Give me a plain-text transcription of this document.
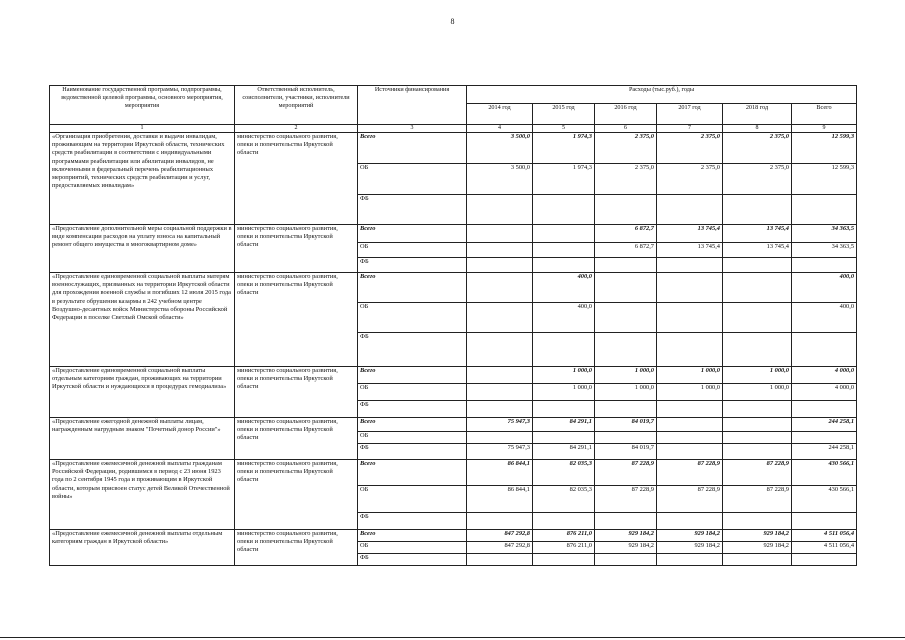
8
Наименование государственной программы, подпрограммы, ведомственной целевой программы, основного мероприятия, мероприятия	Ответственный исполнитель, соисполнители, участники, исполнители мероприятий	Источники финансирования	Расходы (тыс.руб.), годы					
			2014 год	2015 год	2016 год	2017 год	2018 год	Всего
1	2	3	4	5	6	7	8	9
«Организация приобретения, доставки и выдачи инвалидам, проживающим на территории Иркутской области, технических средств реабилитации в соответствии с индивидуальными программами реабилитации или абилитации инвалидов, не включенными в федеральный перечень реабилитационных мероприятий, технических средств реабилитации и услуг, предоставляемых инвалидам»	министерство социального развития, опеки и попечительства Иркутской области	Всего	3 500,0	1 974,3	2 375,0	2 375,0	2 375,0	12 599,3
		ОБ	3 500,0	1 974,3	2 375,0	2 375,0	2 375,0	12 599,3
		ФБ						
«Предоставление дополнительной меры социальной поддержки в виде компенсации расходов на уплату взноса на капитальный ремонт общего имущества в многоквартирном доме»	министерство социального развития, опеки и попечительства Иркутской области	Всего			6 872,7	13 745,4	13 745,4	34 363,5
		ОБ			6 872,7	13 745,4	13 745,4	34 363,5
		ФБ						
«Предоставление единовременной социальной выплаты матерям военнослужащих, призванных на территории Иркутской области для прохождения военной службы и погибших 12 июля 2015 года в результате обрушения казармы в 242 учебном центре Воздушно-десантных войск Министерства обороны Российской Федерации в поселке Светлый Омской области»	министерство социального развития, опеки и попечительства Иркутской области	Всего		400,0				400,0
		ОБ		400,0				400,0
		ФБ						
«Предоставление единовременной социальной выплаты отдельным категориям граждан, проживающих на территории Иркутской области и нуждающихся в процедурах гемодиализа»	министерство социального развития, опеки и попечительства Иркутской области	Всего		1 000,0	1 000,0	1 000,0	1 000,0	4 000,0
		ОБ		1 000,0	1 000,0	1 000,0	1 000,0	4 000,0
		ФБ						
«Предоставление ежегодной денежной выплаты лицам, награжденным нагрудным знаком "Почетный донор России"»	министерство социального развития, опеки и попечительства Иркутской области	Всего	75 947,3	84 291,1	84 019,7			244 258,1
		ОБ						
		ФБ	75 947,3	84 291,1	84 019,7			244 258,1
«Предоставление ежемесячной денежной выплаты гражданам Российской Федерации, родившимся в период с 23 июня 1923 года по 2 сентября 1945 года и проживающим в Иркутской области, которым присвоен статус детей Великой Отечественной войны»	министерство социального развития, опеки и попечительства Иркутской области	Всего	86 844,1	82 035,3	87 228,9	87 228,9	87 228,9	430 566,1
		ОБ	86 844,1	82 035,3	87 228,9	87 228,9	87 228,9	430 566,1
		ФБ						
«Предоставление ежемесячной денежной выплаты отдельным категориям граждан в Иркутской области»	министерство социального развития, опеки и попечительства Иркутской области	Всего	847 292,8	876 211,0	929 184,2	929 184,2	929 184,2	4 511 056,4
		ОБ	847 292,8	876 211,0	929 184,2	929 184,2	929 184,2	4 511 056,4
		ФБ						
